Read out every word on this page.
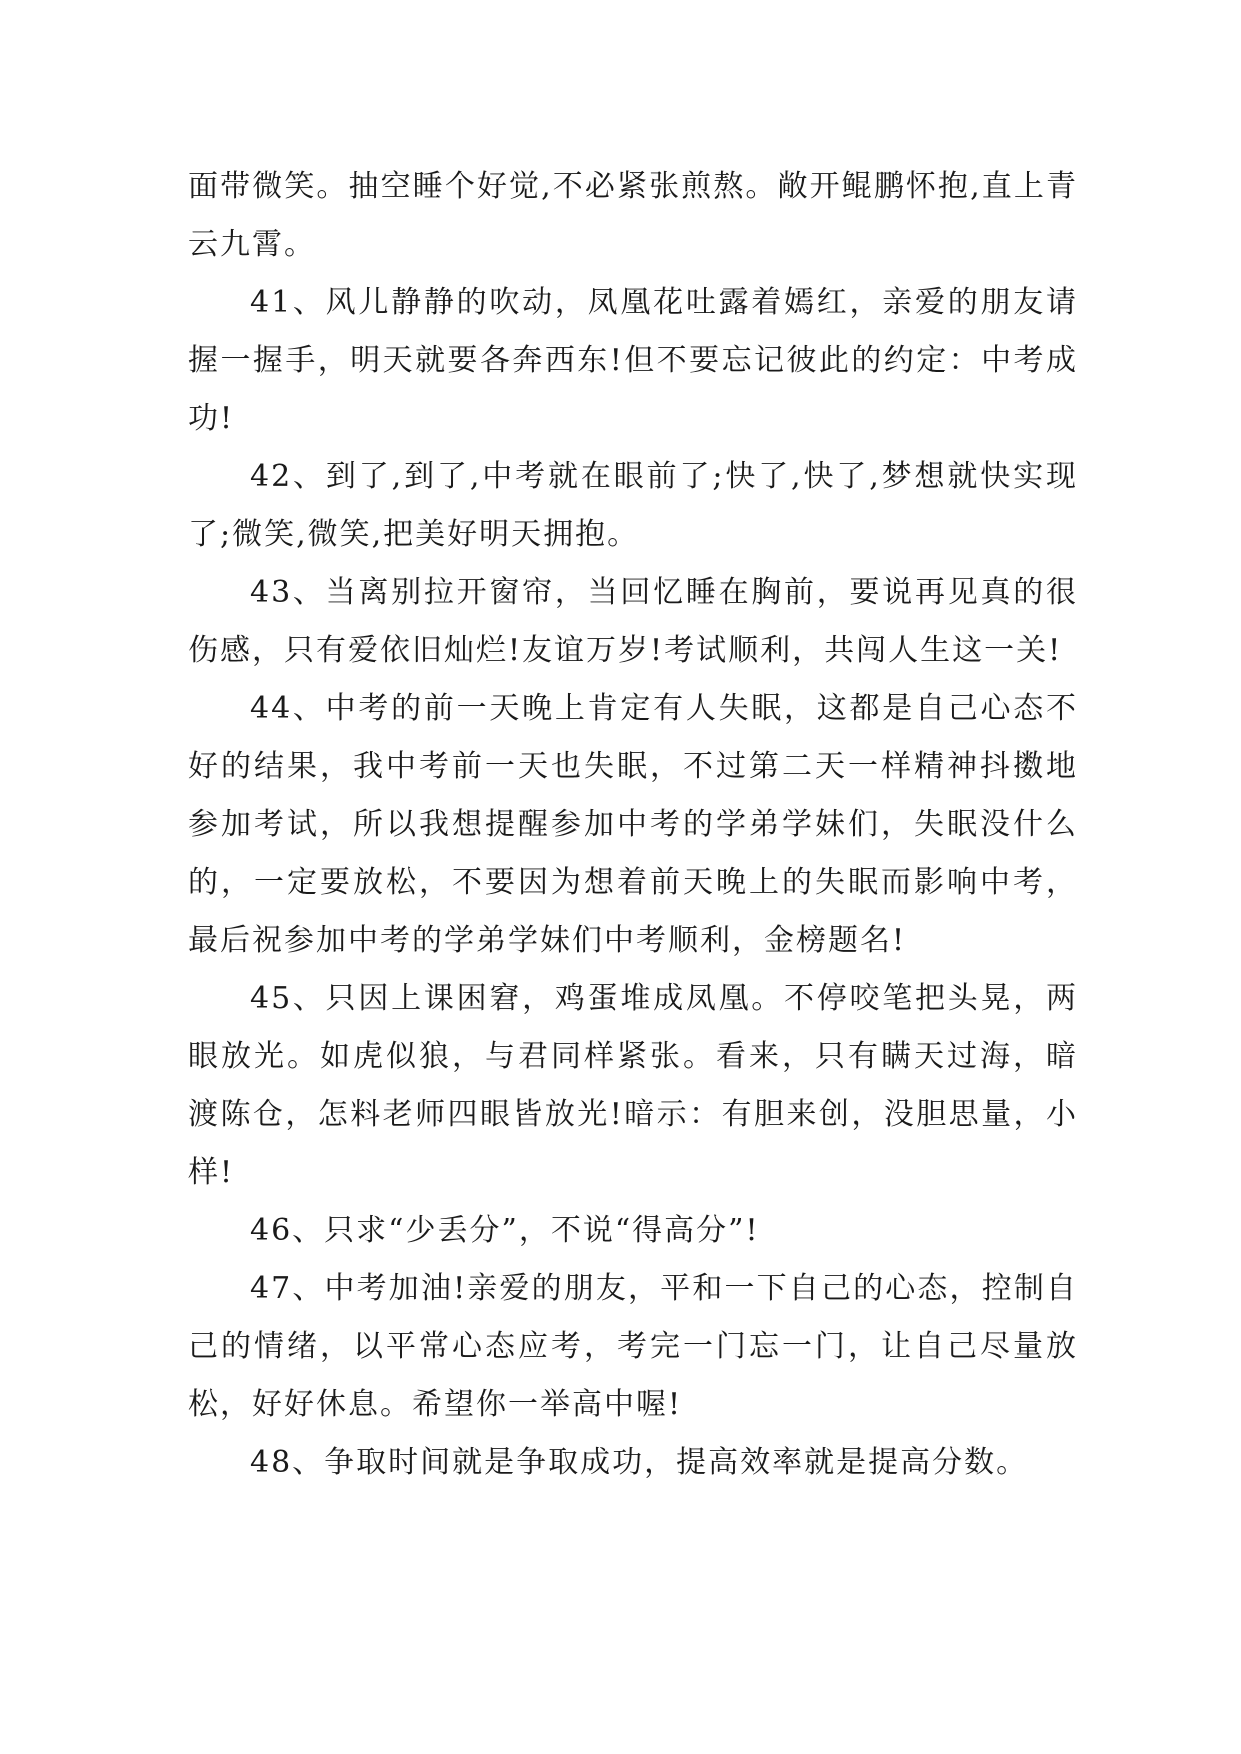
面带微笑。抽空睡个好觉,不必紧张煎熬。敞开鲲鹏怀抱,直上青云九霄。

41、风儿静静的吹动，凤凰花吐露着嫣红，亲爱的朋友请握一握手，明天就要各奔西东!但不要忘记彼此的约定：中考成功!

42、到了,到了,中考就在眼前了;快了,快了,梦想就快实现了;微笑,微笑,把美好明天拥抱。

43、当离别拉开窗帘，当回忆睡在胸前，要说再见真的很伤感，只有爱依旧灿烂!友谊万岁!考试顺利，共闯人生这一关!

44、中考的前一天晚上肯定有人失眠，这都是自己心态不好的结果，我中考前一天也失眠，不过第二天一样精神抖擞地参加考试，所以我想提醒参加中考的学弟学妹们，失眠没什么的，一定要放松，不要因为想着前天晚上的失眠而影响中考，最后祝参加中考的学弟学妹们中考顺利，金榜题名!

45、只因上课困窘，鸡蛋堆成凤凰。不停咬笔把头晃，两眼放光。如虎似狼，与君同样紧张。看来，只有瞒天过海，暗渡陈仓，怎料老师四眼皆放光!暗示：有胆来创，没胆思量，小样!

46、只求“少丢分”，不说“得高分”!

47、中考加油!亲爱的朋友，平和一下自己的心态，控制自己的情绪，以平常心态应考，考完一门忘一门，让自己尽量放松，好好休息。希望你一举高中喔!

48、争取时间就是争取成功，提高效率就是提高分数。
